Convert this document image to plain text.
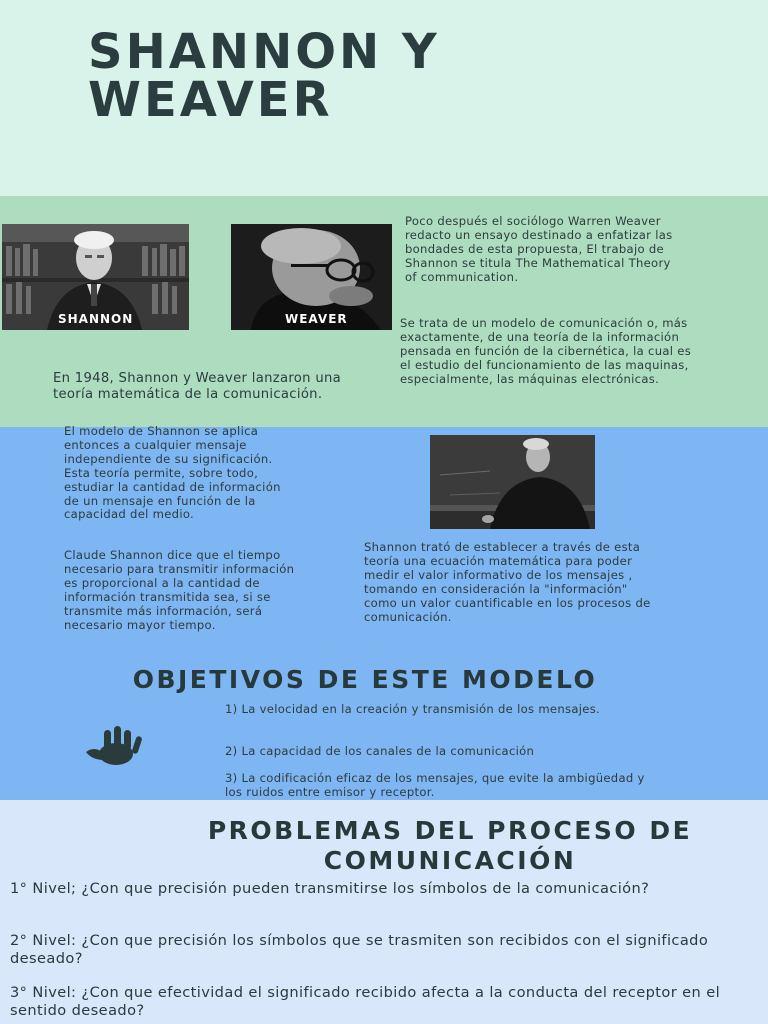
SHANNON Y
WEAVER
SHANNON	WEAVER
Poco después el sociólogo Warren Weaver redacto un ensayo destinado a enfatizar las bondades de esta propuesta, El trabajo de Shannon se titula The Mathematical Theory of communication.
Se trata de un modelo de comunicación o, más exactamente, de una teoría de la información pensada en función de la cibernética, la cual es el estudio del funcionamiento de las maquinas, especialmente, las máquinas electrónicas.
En 1948, Shannon y Weaver lanzaron una teoría matemática de la comunicación.
El modelo de Shannon se aplica entonces a cualquier mensaje independiente de su significación. Esta teoría permite, sobre todo, estudiar la cantidad de información de un mensaje en función de la capacidad del medio.
Claude Shannon dice que el tiempo necesario para transmitir información es proporcional a la cantidad de información transmitida sea, si se transmite más información, será necesario mayor tiempo.
Shannon trató de establecer a través de esta teoría una ecuación matemática para poder medir el valor informativo de los mensajes , tomando en consideración la "información" como un valor cuantificable en los procesos de comunicación.
OBJETIVOS DE ESTE MODELO
1) La velocidad en la creación y transmisión de los mensajes.
2) La capacidad de los canales de la comunicación
3) La codificación eficaz de los mensajes, que evite la ambigüedad y los ruidos entre emisor y receptor.
PROBLEMAS DEL PROCESO DE
COMUNICACIÓN
1° Nivel; ¿Con que precisión pueden transmitirse los símbolos de la comunicación?
2° Nivel: ¿Con que precisión los símbolos que se trasmiten son recibidos con el significado deseado?
3° Nivel: ¿Con que efectividad el significado recibido afecta a la conducta del receptor en el sentido deseado?
